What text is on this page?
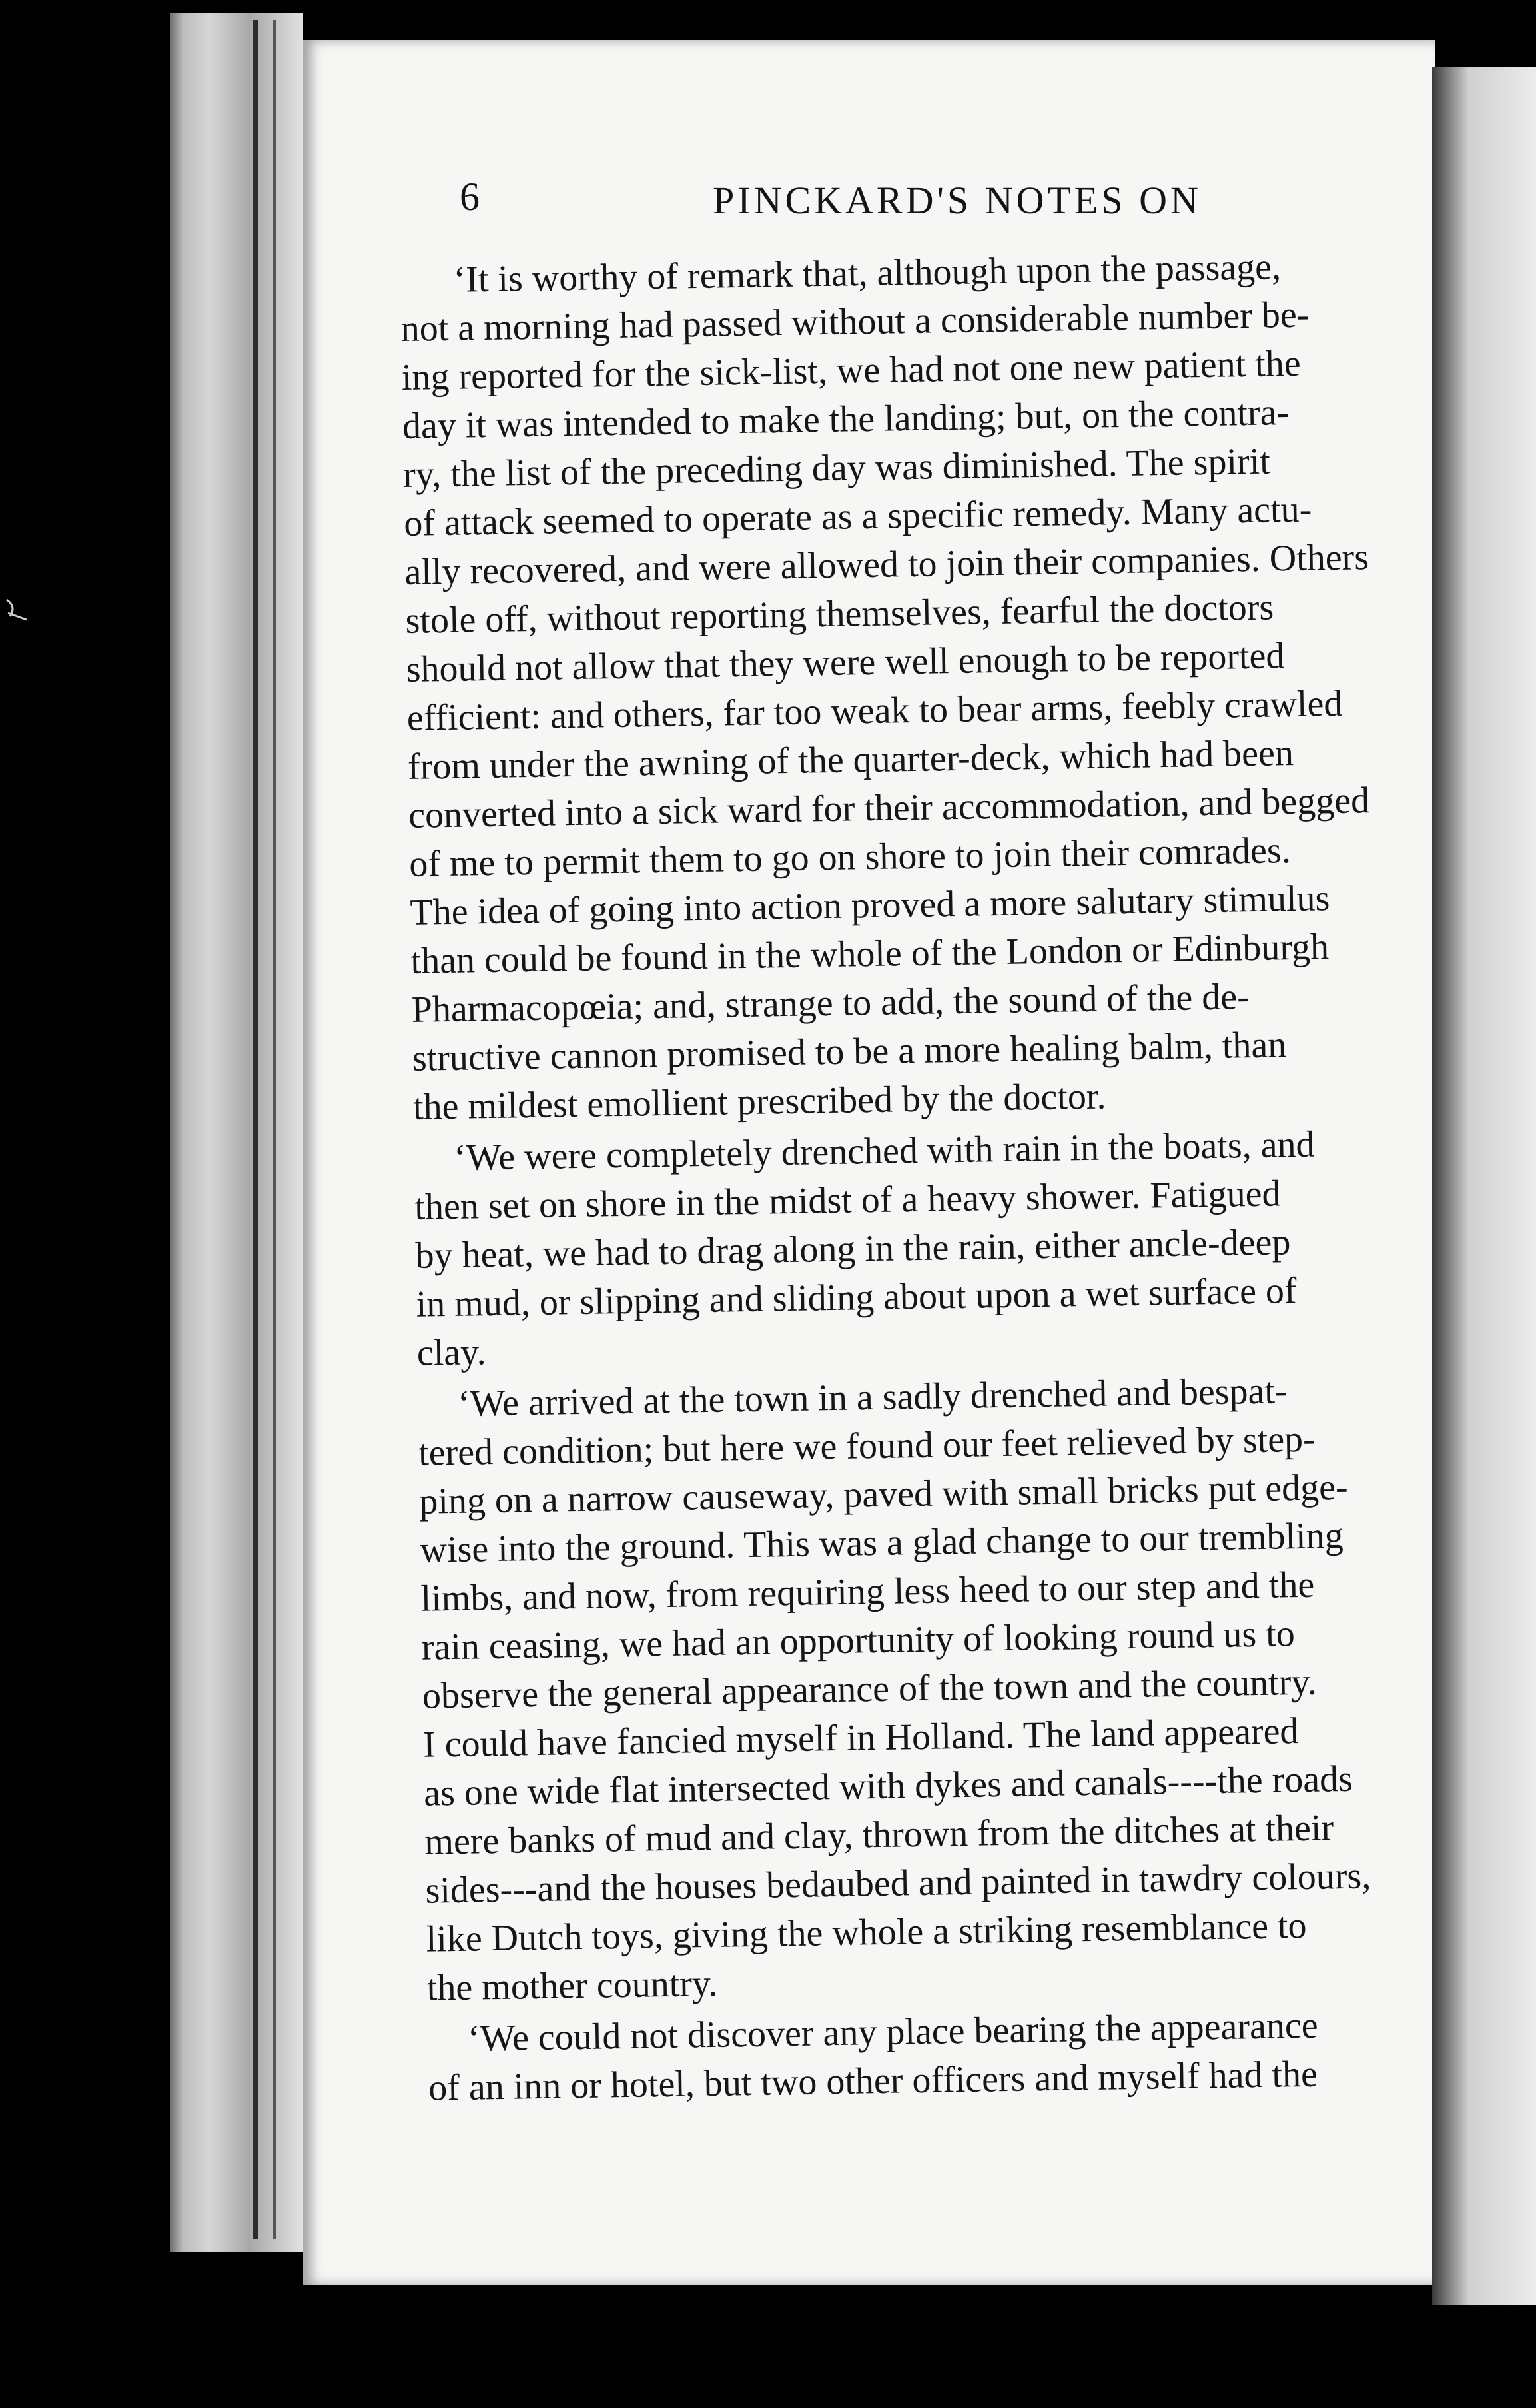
6	PINCKARD'S NOTES ON
‘It is worthy of remark that, although upon the passage,
not a morning had passed without a considerable number be-
ing reported for the sick-list, we had not one new patient the
day it was intended to make the landing; but, on the contra-
ry, the list of the preceding day was diminished. The spirit
of attack seemed to operate as a specific remedy. Many actu-
ally recovered, and were allowed to join their companies. Others
stole off, without reporting themselves, fearful the doctors
should not allow that they were well enough to be reported
efficient: and others, far too weak to bear arms, feebly crawled
from under the awning of the quarter-deck, which had been
converted into a sick ward for their accommodation, and begged
of me to permit them to go on shore to join their comrades.
The idea of going into action proved a more salutary stimulus
than could be found in the whole of the London or Edinburgh
Pharmacopœia; and, strange to add, the sound of the de-
structive cannon promised to be a more healing balm, than
the mildest emollient prescribed by the doctor.
‘We were completely drenched with rain in the boats, and
then set on shore in the midst of a heavy shower. Fatigued
by heat, we had to drag along in the rain, either ancle-deep
in mud, or slipping and sliding about upon a wet surface of
clay.
‘We arrived at the town in a sadly drenched and bespat-
tered condition; but here we found our feet relieved by step-
ping on a narrow causeway, paved with small bricks put edge-
wise into the ground. This was a glad change to our trembling
limbs, and now, from requiring less heed to our step and the
rain ceasing, we had an opportunity of looking round us to
observe the general appearance of the town and the country.
I could have fancied myself in Holland. The land appeared
as one wide flat intersected with dykes and canals----the roads
mere banks of mud and clay, thrown from the ditches at their
sides---and the houses bedaubed and painted in tawdry colours,
like Dutch toys, giving the whole a striking resemblance to
the mother country.
‘We could not discover any place bearing the appearance
of an inn or hotel, but two other officers and myself had the
